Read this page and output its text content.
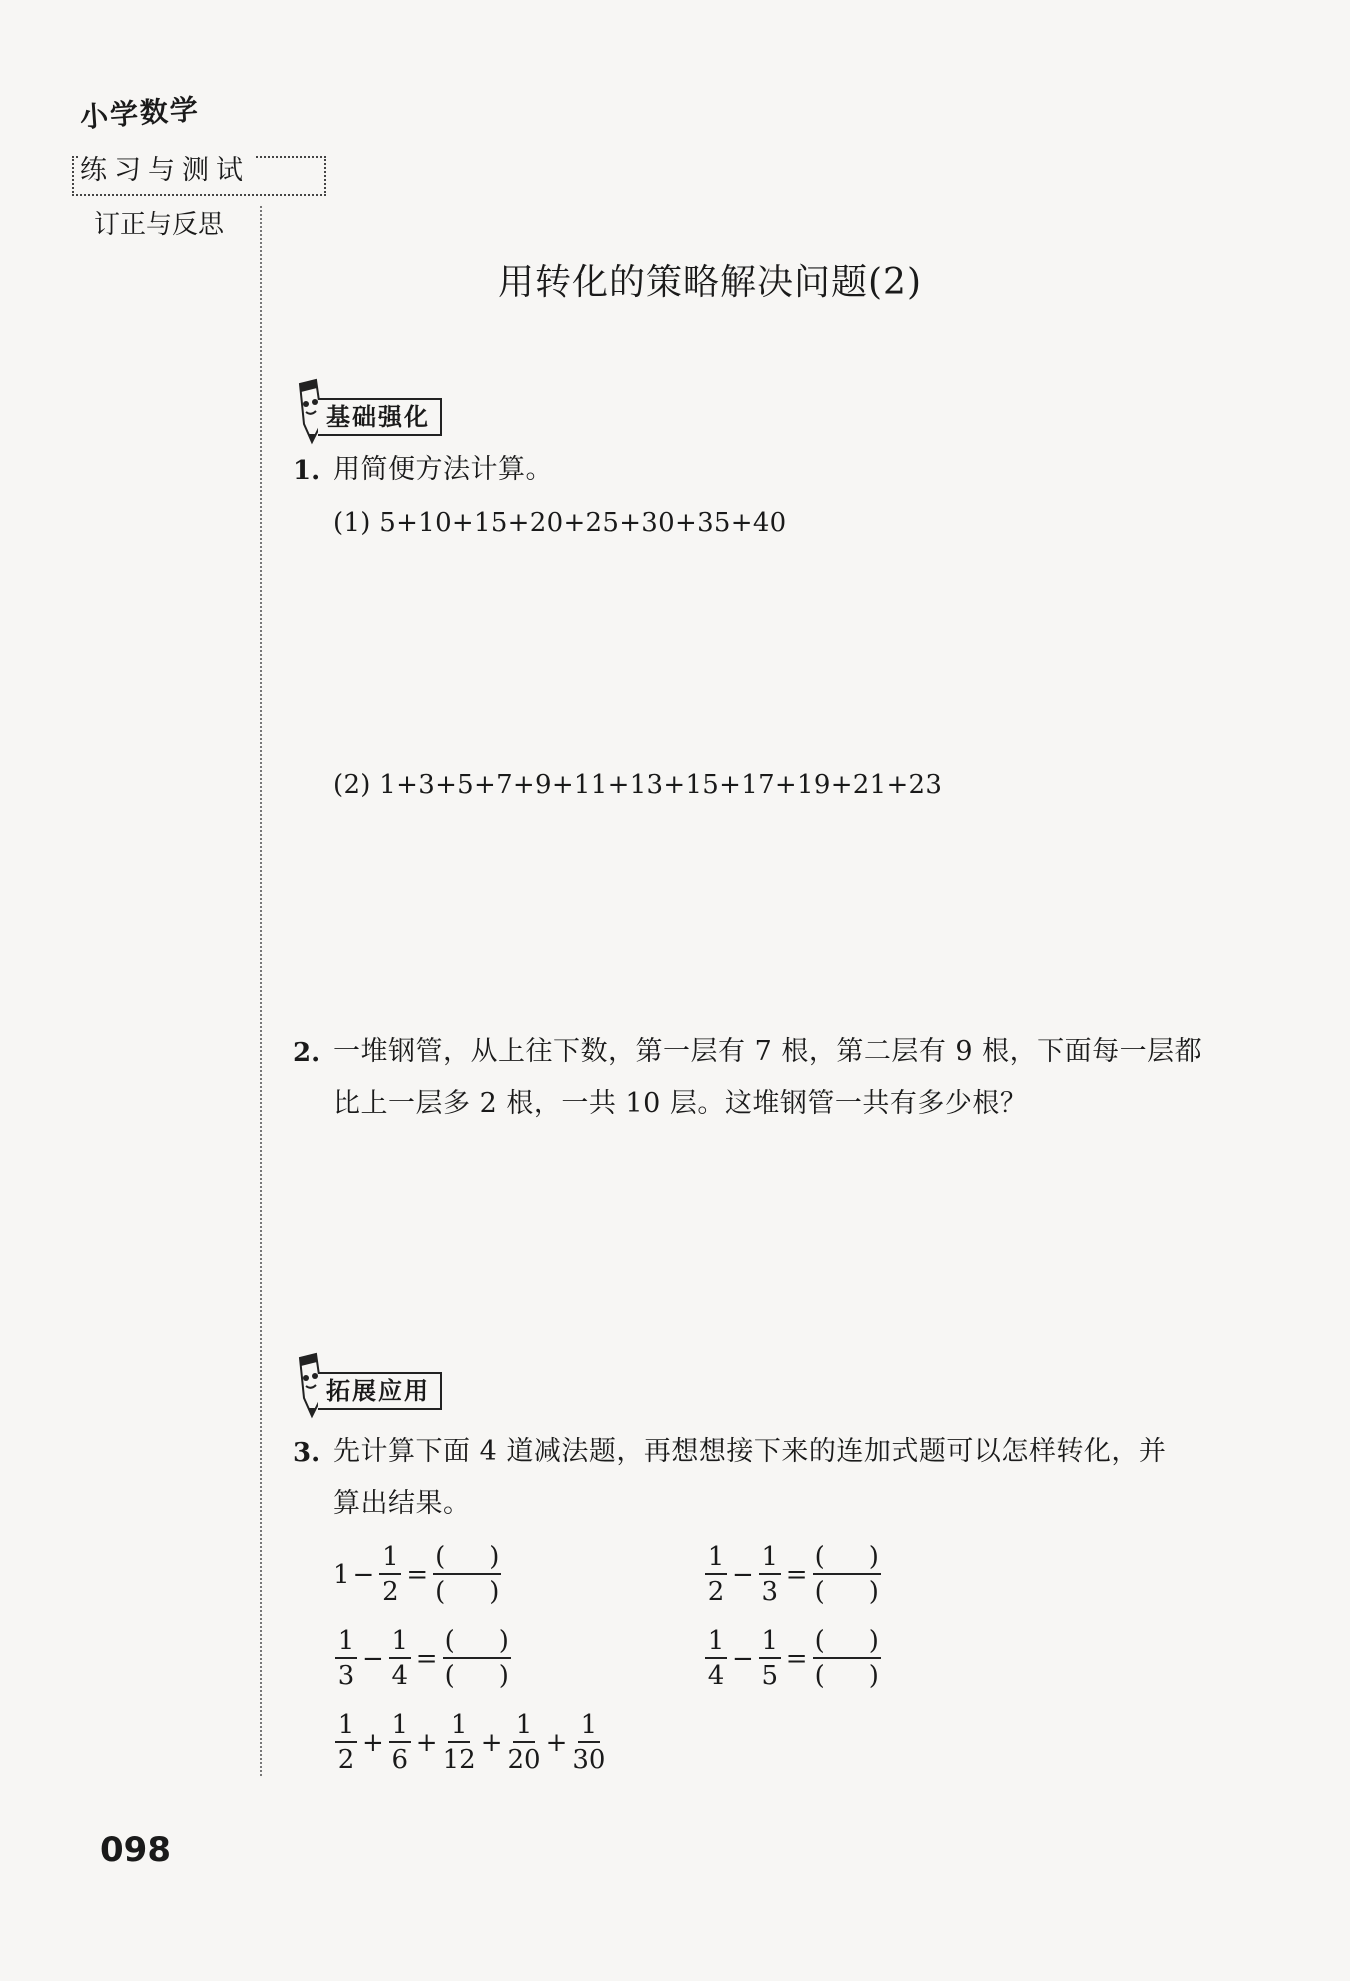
小学数学
练习与测试
订正与反思
用转化的策略解决问题(2)
基础强化
1. 用简便方法计算。
(1) 5+10+15+20+25+30+35+40
(2) 1+3+5+7+9+11+13+15+17+19+21+23
2. 一堆钢管，从上往下数，第一层有 7 根，第二层有 9 根，下面每一层都
比上一层多 2 根，一共 10 层。这堆钢管一共有多少根？
拓展应用
3. 先计算下面 4 道减法题，再想想接下来的连加式题可以怎样转化，并
算出结果。
$1 - \frac{1}{2} = \frac{( )}{( )}$	$\frac{1}{2} - \frac{1}{3} = \frac{( )}{( )}$
$\frac{1}{3} - \frac{1}{4} = \frac{( )}{( )}$	$\frac{1}{4} - \frac{1}{5} = \frac{( )}{( )}$
$\frac{1}{2} + \frac{1}{6} + \frac{1}{12} + \frac{1}{20} + \frac{1}{30}$
098
